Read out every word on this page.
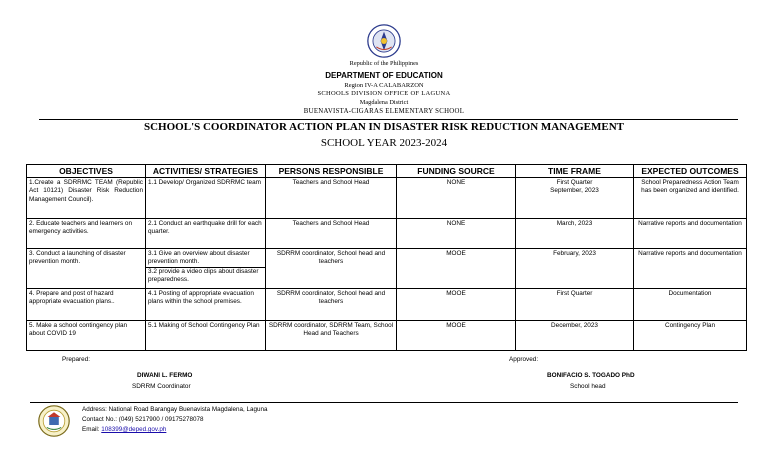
Republic of the Philippines
DEPARTMENT OF EDUCATION
Region IV-A CALABARZON
SCHOOLS DIVISION OFFICE OF LAGUNA
Magdalena District
BUENAVISTA-CIGARAS ELEMENTARY SCHOOL
SCHOOL'S COORDINATOR ACTION PLAN IN DISASTER RISK REDUCTION MANAGEMENT
SCHOOL YEAR 2023-2024
OBJECTIVES	ACTIVITIES/ STRATEGIES	PERSONS RESPONSIBLE	FUNDING SOURCE	TIME FRAME	EXPECTED OUTCOMES
1.Create a SDRRMC TEAM (Republic Act 10121) Disaster Risk Reduction Management Council).	1.1 Develop/ Organized SDRRMC team	Teachers and School Head	NONE	First Quarter
September, 2023	School Preparedness Action Team has been organized and identified.
2. Educate teachers and learners on emergency activities.	2.1 Conduct an earthquake drill for each quarter.	Teachers and School Head	NONE	March, 2023	Narrative reports and documentation
3. Conduct a launching of disaster prevention month.	3.1 Give an overview about disaster prevention month.
3.2 provide a video clips about disaster preparedness.	SDRRM coordinator, School head and teachers	MOOE	February, 2023	Narrative reports and documentation
4. Prepare and post of hazard appropriate evacuation plans..	4.1 Posting of appropriate evacuation plans within the school premises.	SDRRM coordinator, School head and teachers	MOOE	First Quarter	Documentation
5. Make a school contingency plan about COVID 19	5.1 Making of School Contingency Plan	SDRRM coordinator, SDRRM Team, School Head and Teachers	MOOE	December, 2023	Contingency Plan
Prepared:
DIWANI L. FERMO
SDRRM Coordinator
Approved:
BONIFACIO S. TOGADO PhD
School head
Address: National Road Barangay Buenavista Magdalena, Laguna
Contact No.: (049) 5217900 / 09175278078
Email: 108399@deped.gov.ph
